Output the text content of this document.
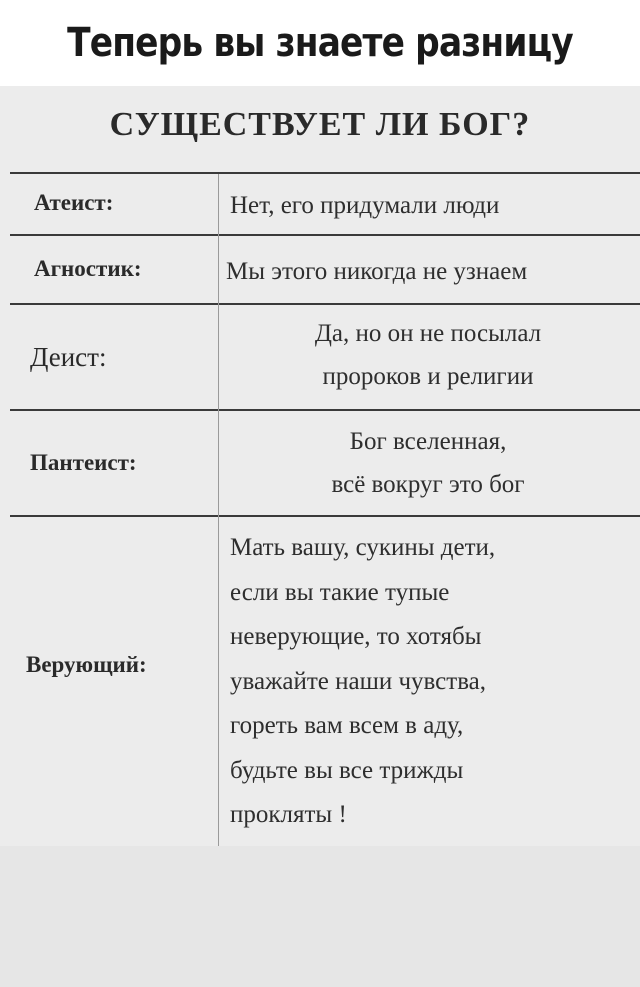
Теперь вы знаете разницу
СУЩЕСТВУЕТ ЛИ БОГ?
Атеист:	Нет, его придумали люди

Агностик:	Мы этого никогда не узнаем

Деист:

Да, но он не посылал

пророков и религии

Пантеист:

Бог вселенная,

всё вокруг это бог

Верующий:

Мать вашу, сукины дети,

если вы такие тупые

неверующие, то хотябы

уважайте наши чувства,

гореть вам всем в аду,

будьте вы все трижды

прокляты !
